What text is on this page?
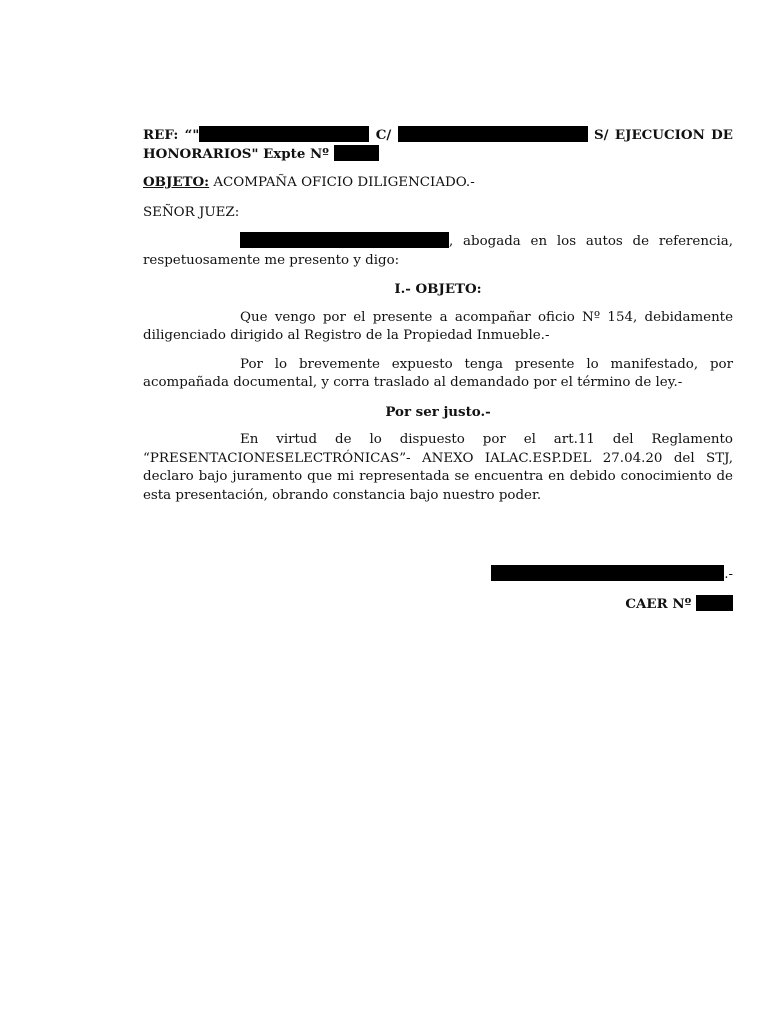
REF: “"	C/	S/ EJECUCION DE
HONORARIOS" Expte Nº
OBJETO: ACOMPAÑA OFICIO DILIGENCIADO.-
SEÑOR JUEZ:
, abogada en los autos de referencia,
respetuosamente me presento y digo:
I.- OBJETO:
Que vengo por el presente a acompañar oficio Nº 154, debidamente
diligenciado dirigido al Registro de la Propiedad Inmueble.-
Por lo brevemente expuesto tenga presente lo manifestado, por
acompañada documental, y corra traslado al demandado por el término de ley.-
Por ser justo.-
En virtud de lo dispuesto por el art.11 del Reglamento
“PRESENTACIONESELECTRÓNICAS”- ANEXO IALAC.ESP.DEL 27.04.20 del STJ,
declaro bajo juramento que mi representada se encuentra en debido conocimiento de
esta presentación, obrando constancia bajo nuestro poder.
.-
CAER Nº
